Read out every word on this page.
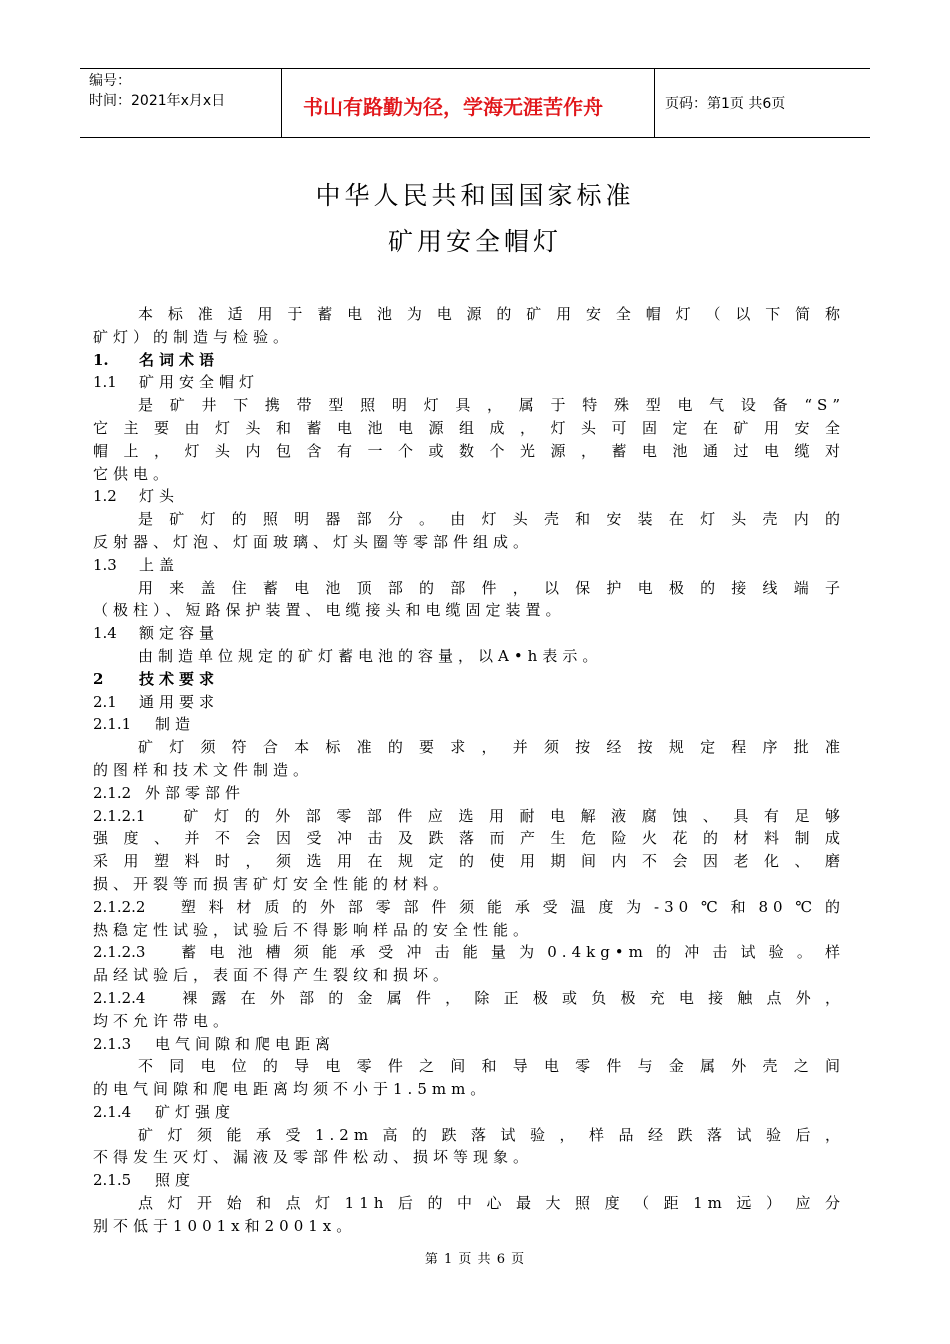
编号：
时间：2021年x月x日	书山有路勤为径，学海无涯苦作舟	页码：第1页 共6页
中华人民共和国国家标准
矿用安全帽灯
本标准适用于蓄电池为电源的矿用安全帽灯（以下简称
矿灯）的制造与检验。
1. 名词术语
1.1 矿用安全帽灯
是矿井下携带型照明灯具，属于特殊型电气设备“S”
它主要由灯头和蓄电池电源组成，灯头可固定在矿用安全
帽上，灯头内包含有一个或数个光源，蓄电池通过电缆对
它供电。
1.2 灯头
是矿灯的照明器部分。由灯头壳和安装在灯头壳内的
反射器、灯泡、灯面玻璃、灯头圈等零部件组成。
1.3 上盖
用来盖住蓄电池顶部的部件，以保护电极的接线端子
（极柱）、短路保护装置、电缆接头和电缆固定装置。
1.4 额定容量
由制造单位规定的矿灯蓄电池的容量，以A•h表示。
2 技术要求
2.1 通用要求
2.1.1 制造
矿灯须符合本标准的要求，并须按经按规定程序批准
的图样和技术文件制造。
2.1.2 外部零部件
2.1.2.1 矿灯的外部零部件应选用耐电解液腐蚀、具有足够
强度、并不会因受冲击及跌落而产生危险火花的材料制成
采用塑料时，须选用在规定的使用期间内不会因老化、磨
损、开裂等而损害矿灯安全性能的材料。
2.1.2.2 塑料材质的外部零部件须能承受温度为-30℃和80℃的
热稳定性试验，试验后不得影响样品的安全性能。
2.1.2.3 蓄电池槽须能承受冲击能量为0.4kg•m的冲击试验。样
品经试验后，表面不得产生裂纹和损坏。
2.1.2.4 裸露在外部的金属件，除正极或负极充电接触点外，
均不允许带电。
2.1.3 电气间隙和爬电距离
不同电位的导电零件之间和导电零件与金属外壳之间
的电气间隙和爬电距离均须不小于1.5mm。
2.1.4 矿灯强度
矿灯须能承受1.2m高的跌落试验，样品经跌落试验后，
不得发生灭灯、漏液及零部件松动、损坏等现象。
2.1.5 照度
点灯开始和点灯11h后的中心最大照度（距1m远）应分
别不低于1001x和2001x。
第 1 页 共 6 页
